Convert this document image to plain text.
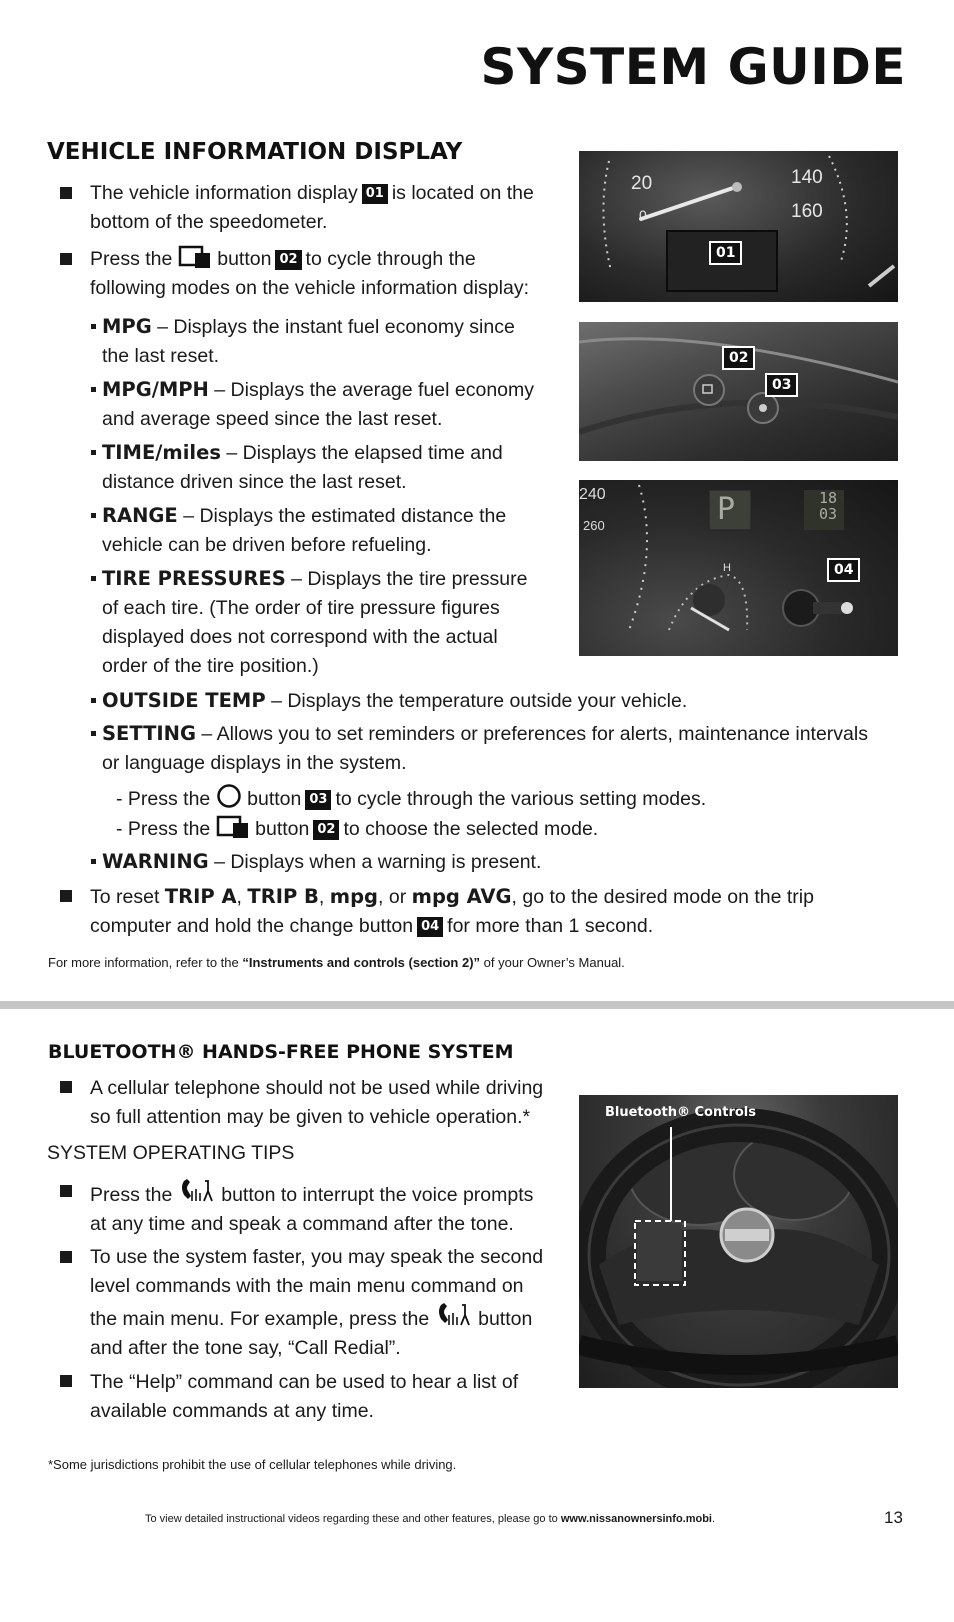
SYSTEM GUIDE
VEHICLE INFORMATION DISPLAY
The vehicle information display 01 is located on the
bottom of the speedometer.
Press the button 02 to cycle through the
following modes on the vehicle information display:
MPG – Displays the instant fuel economy since
the last reset.
MPG/MPH – Displays the average fuel economy
and average speed since the last reset.
TIME/miles – Displays the elapsed time and
distance driven since the last reset.
RANGE – Displays the estimated distance the
vehicle can be driven before refueling.
TIRE PRESSURES – Displays the tire pressure
of each tire. (The order of tire pressure figures
displayed does not correspond with the actual
order of the tire position.)
OUTSIDE TEMP – Displays the temperature outside your vehicle.
SETTING – Allows you to set reminders or preferences for alerts, maintenance intervals
or language displays in the system.
- Press the button 03 to cycle through the various setting modes.
- Press the button 02 to choose the selected mode.
WARNING – Displays when a warning is present.
To reset TRIP A, TRIP B, mpg, or mpg AVG, go to the desired mode on the trip
computer and hold the change button 04 for more than 1 second.
For more information, refer to the “Instruments and controls (section 2)” of your Owner’s Manual.
20
0
140
160
01
02
03
240
260	P	18
03
H	04
BLUETOOTH® HANDS-FREE PHONE SYSTEM
A cellular telephone should not be used while driving
so full attention may be given to vehicle operation.*
SYSTEM OPERATING TIPS
Press the	button to interrupt the voice prompts
at any time and speak a command after the tone.
To use the system faster, you may speak the second
level commands with the main menu command on
the main menu. For example, press the	button
and after the tone say, “Call Redial”.
The “Help” command can be used to hear a list of
available commands at any time.
*Some jurisdictions prohibit the use of cellular telephones while driving.
Bluetooth® Controls
To view detailed instructional videos regarding these and other features, please go to www.nissanownersinfo.mobi.	13
